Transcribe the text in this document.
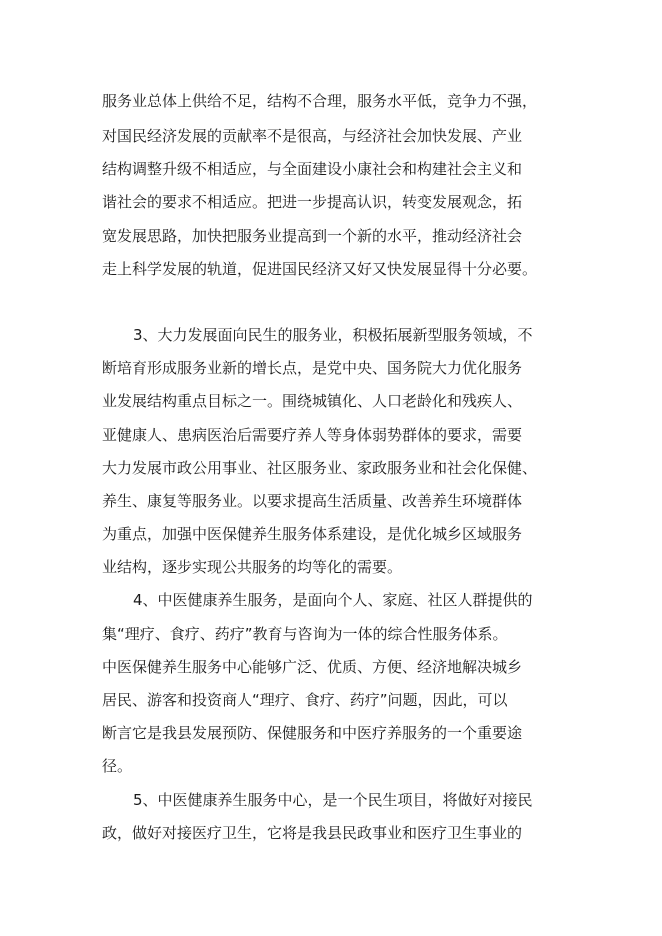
服务业总体上供给不足，结构不合理，服务水平低，竞争力不强，
对国民经济发展的贡献率不是很高，与经济社会加快发展、产业
结构调整升级不相适应，与全面建设小康社会和构建社会主义和
谐社会的要求不相适应。把进一步提高认识，转变发展观念，拓
宽发展思路，加快把服务业提高到一个新的水平，推动经济社会
走上科学发展的轨道，促进国民经济又好又快发展显得十分必要。
3、大力发展面向民生的服务业，积极拓展新型服务领域，不
断培育形成服务业新的增长点，是党中央、国务院大力优化服务
业发展结构重点目标之一。围绕城镇化、人口老龄化和残疾人、
亚健康人、患病医治后需要疗养人等身体弱势群体的要求，需要
大力发展市政公用事业、社区服务业、家政服务业和社会化保健、
养生、康复等服务业。以要求提高生活质量、改善养生环境群体
为重点，加强中医保健养生服务体系建设，是优化城乡区域服务
业结构，逐步实现公共服务的均等化的需要。
4、中医健康养生服务，是面向个人、家庭、社区人群提供的
集“理疗、食疗、药疗”教育与咨询为一体的综合性服务体系。
中医保健养生服务中心能够广泛、优质、方便、经济地解决城乡
居民、游客和投资商人“理疗、食疗、药疗”问题，因此，可以
断言它是我县发展预防、保健服务和中医疗养服务的一个重要途
径。
5、中医健康养生服务中心，是一个民生项目，将做好对接民
政，做好对接医疗卫生，它将是我县民政事业和医疗卫生事业的
